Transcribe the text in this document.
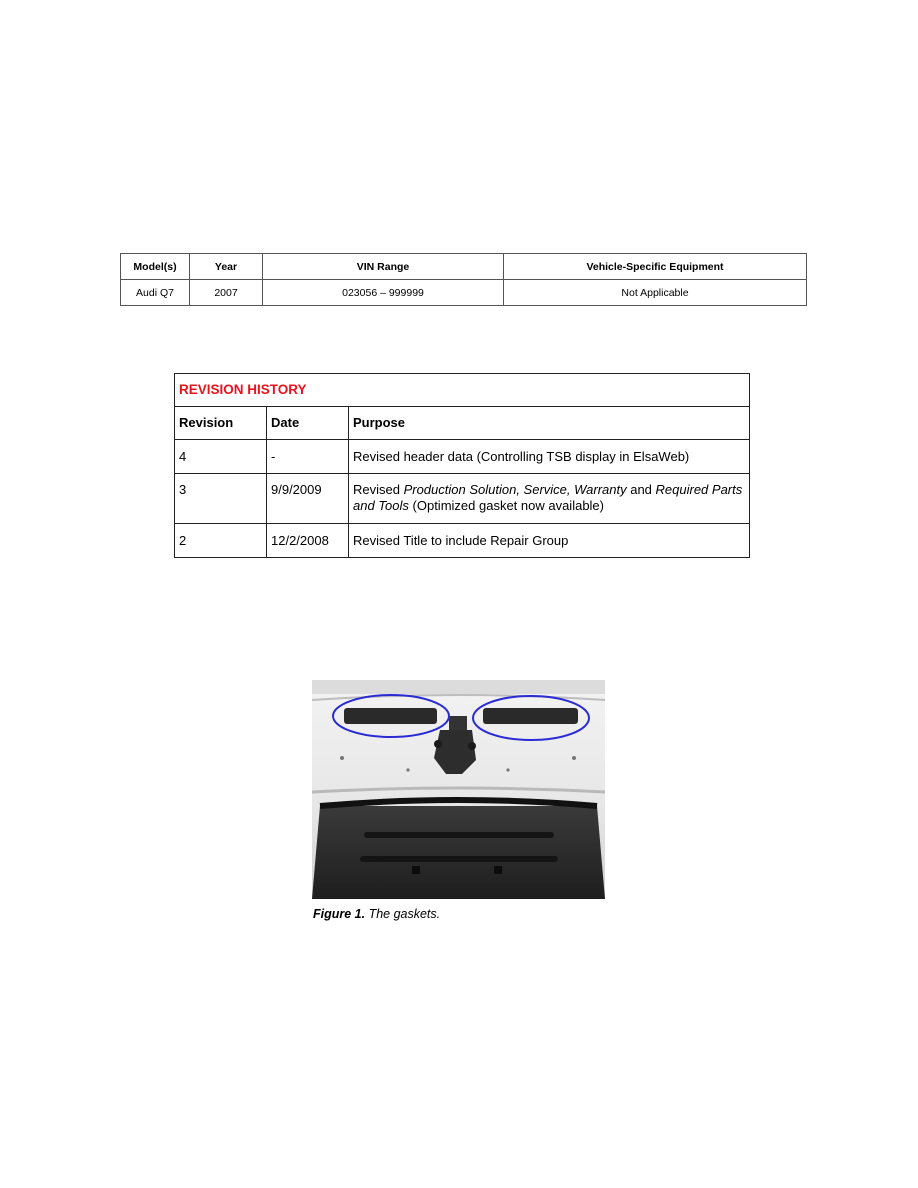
Model(s)	Year	VIN Range	Vehicle-Specific Equipment
Audi Q7	2007	023056 – 999999	Not Applicable
REVISION HISTORY		
Revision	Date	Purpose
4	-	Revised header data (Controlling TSB display in ElsaWeb)
3	9/9/2009	Revised Production Solution, Service, Warranty and Required Parts and Tools (Optimized gasket now available)
2	12/2/2008	Revised Title to include Repair Group
Figure 1. The gaskets.
